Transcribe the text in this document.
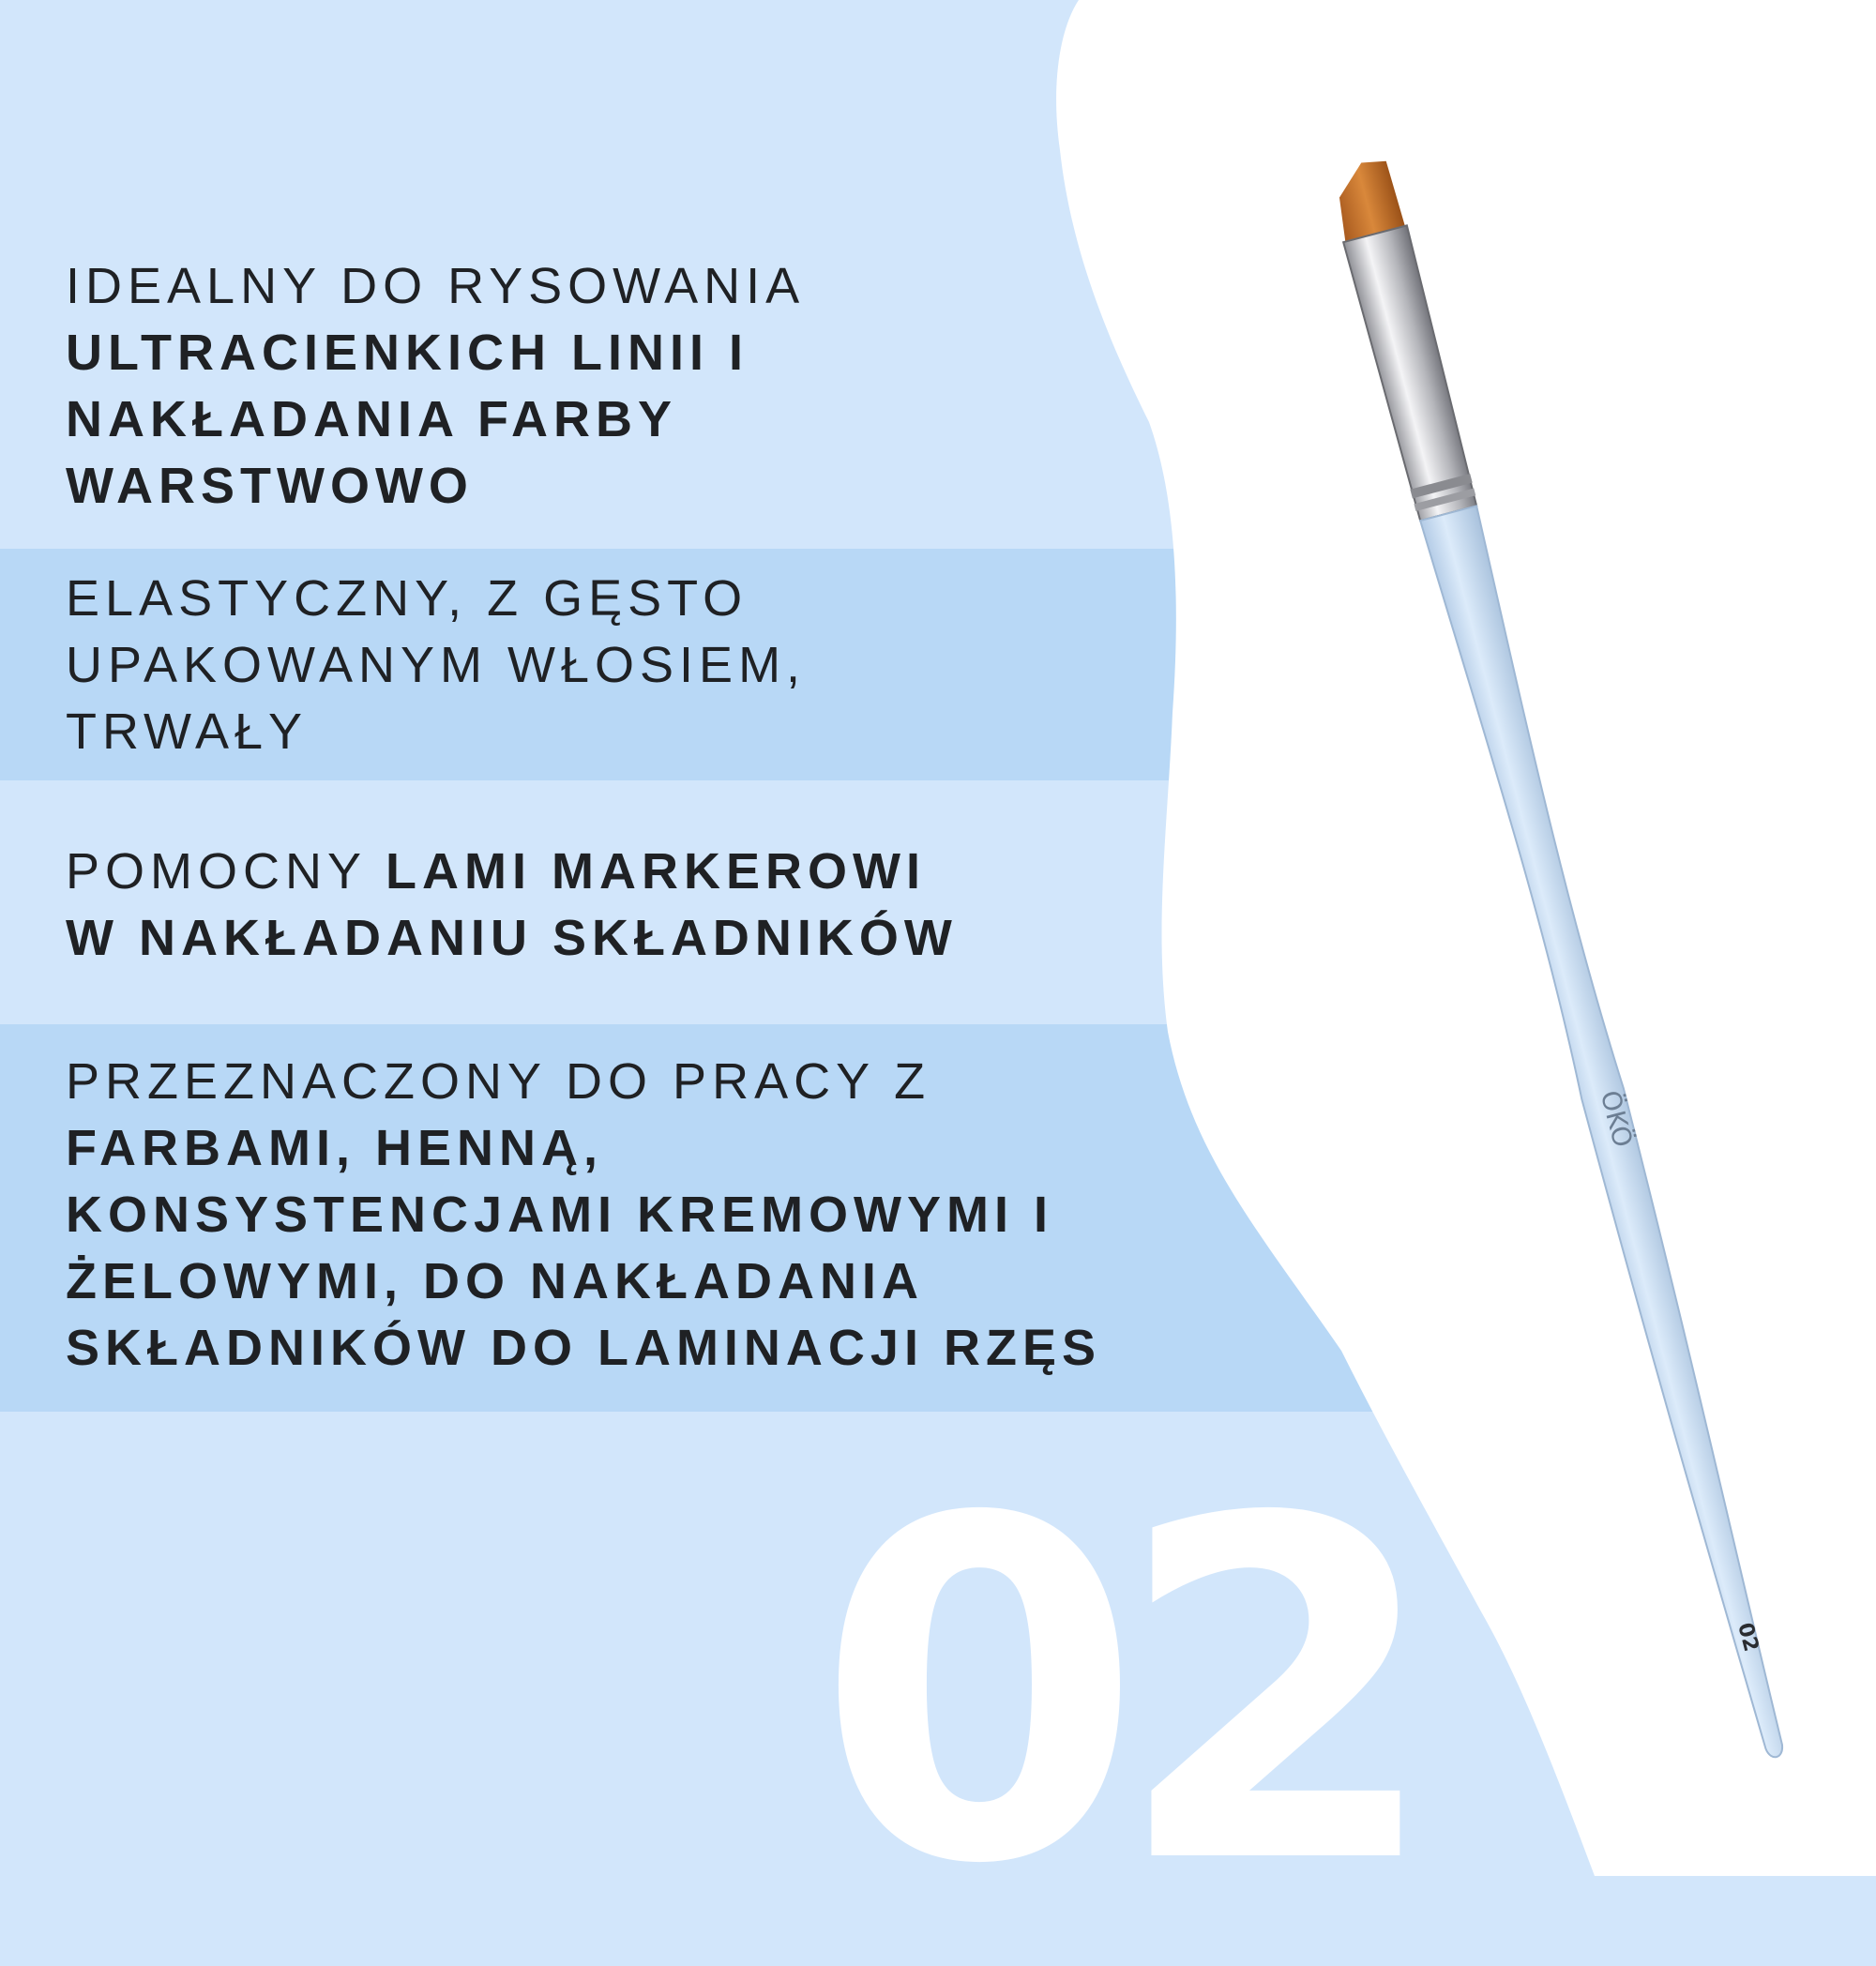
IDEALNY DO RYSOWANIA
ULTRACIENKICH LINII I
NAKŁADANIA FARBY
WARSTWOWO
ELASTYCZNY, Z GĘSTO
UPAKOWANYM WŁOSIEM,
TRWAŁY
POMOCNY LAMI MARKEROWI
W NAKŁADANIU SKŁADNIKÓW
PRZEZNACZONY DO PRACY Z
FARBAMI, HENNĄ,
KONSYSTENCJAMI KREMOWYMI I
ŻELOWYMI, DO NAKŁADANIA
SKŁADNIKÓW DO LAMINACJI RZĘS
02
ÖKÖ
02
